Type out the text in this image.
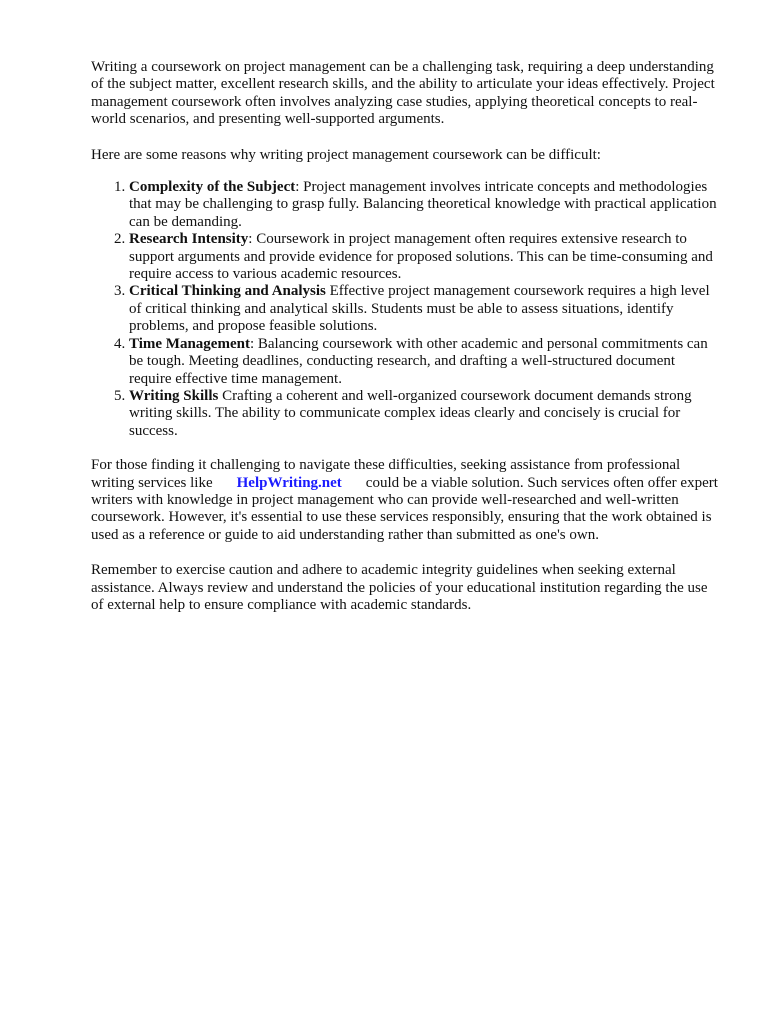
Writing a coursework on project management can be a challenging task, requiring a deep understanding of the subject matter, excellent research skills, and the ability to articulate your ideas effectively. Project management coursework often involves analyzing case studies, applying theoretical concepts to real-world scenarios, and presenting well-supported arguments.

Here are some reasons why writing project management coursework can be difficult:

1. Complexity of the Subject: Project management involves intricate concepts and methodologies that may be challenging to grasp fully. Balancing theoretical knowledge with practical application can be demanding.
2. Research Intensity: Coursework in project management often requires extensive research to support arguments and provide evidence for proposed solutions. This can be time-consuming and require access to various academic resources.
3. Critical Thinking and Analysis Effective project management coursework requires a high level of critical thinking and analytical skills. Students must be able to assess situations, identify problems, and propose feasible solutions.
4. Time Management: Balancing coursework with other academic and personal commitments can be tough. Meeting deadlines, conducting research, and drafting a well-structured document require effective time management.
5. Writing Skills Crafting a coherent and well-organized coursework document demands strong writing skills. The ability to communicate complex ideas clearly and concisely is crucial for success.

For those finding it challenging to navigate these difficulties, seeking assistance from professional writing services like HelpWriting.net could be a viable solution. Such services often offer expert writers with knowledge in project management who can provide well-researched and well-written coursework. However, it's essential to use these services responsibly, ensuring that the work obtained is used as a reference or guide to aid understanding rather than submitted as one's own.

Remember to exercise caution and adhere to academic integrity guidelines when seeking external assistance. Always review and understand the policies of your educational institution regarding the use of external help to ensure compliance with academic standards.
